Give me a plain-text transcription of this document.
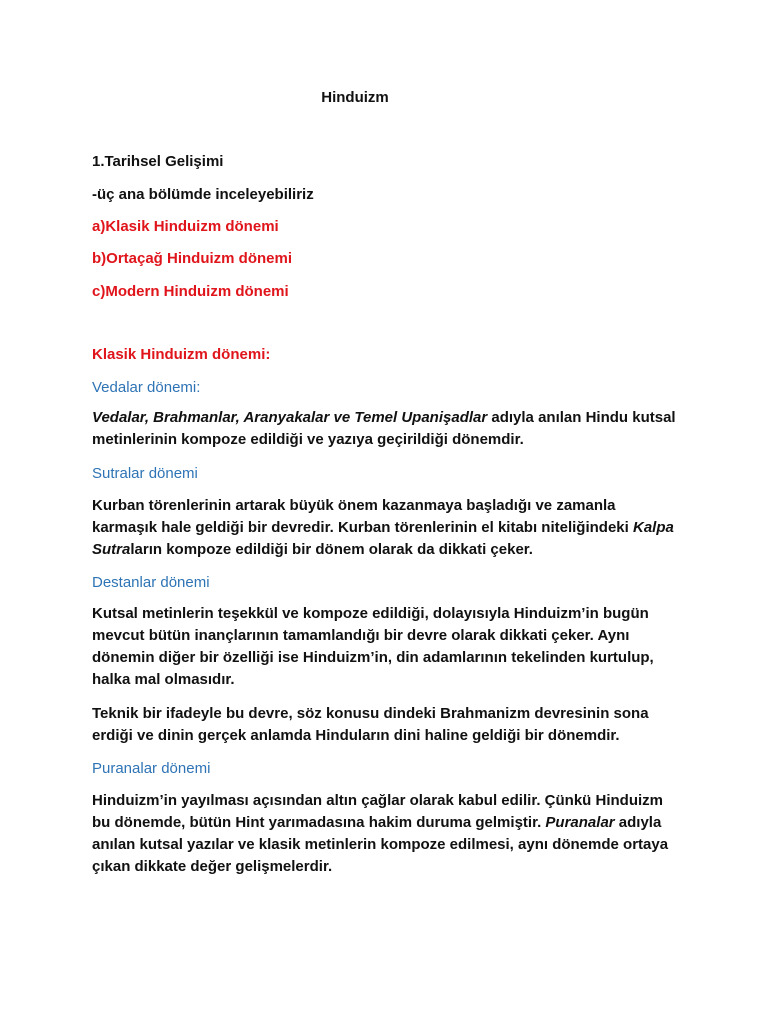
Hinduizm
1.Tarihsel Gelişimi
-üç ana bölümde inceleyebiliriz
a)Klasik Hinduizm dönemi
b)Ortaçağ Hinduizm dönemi
c)Modern Hinduizm dönemi
Klasik Hinduizm dönemi:
Vedalar dönemi:
Vedalar, Brahmanlar, Aranyakalar ve Temel Upanişadlar adıyla anılan Hindu kutsal metinlerinin kompoze edildiği ve yazıya geçirildiği dönemdir.
Sutralar dönemi
Kurban törenlerinin artarak büyük önem kazanmaya başladığı ve zamanla karmaşık hale geldiği bir devredir. Kurban törenlerinin el kitabı niteliğindeki Kalpa Sutraların kompoze edildiği bir dönem olarak da dikkati çeker.
Destanlar dönemi
Kutsal metinlerin teşekkül ve kompoze edildiği, dolayısıyla Hinduizm’in bugün mevcut bütün inançlarının tamamlandığı bir devre olarak dikkati çeker. Aynı dönemin diğer bir özelliği ise Hinduizm’in, din adamlarının tekelinden kurtulup, halka mal olmasıdır.
Teknik bir ifadeyle bu devre, söz konusu dindeki Brahmanizm devresinin sona erdiği ve dinin gerçek anlamda Hinduların dini haline geldiği bir dönemdir.
Puranalar dönemi
Hinduizm’in yayılması açısından altın çağlar olarak kabul edilir. Çünkü Hinduizm bu dönemde, bütün Hint yarımadasına hakim duruma gelmiştir. Puranalar adıyla anılan kutsal yazılar ve klasik metinlerin kompoze edilmesi, aynı dönemde ortaya çıkan dikkate değer gelişmelerdir.
